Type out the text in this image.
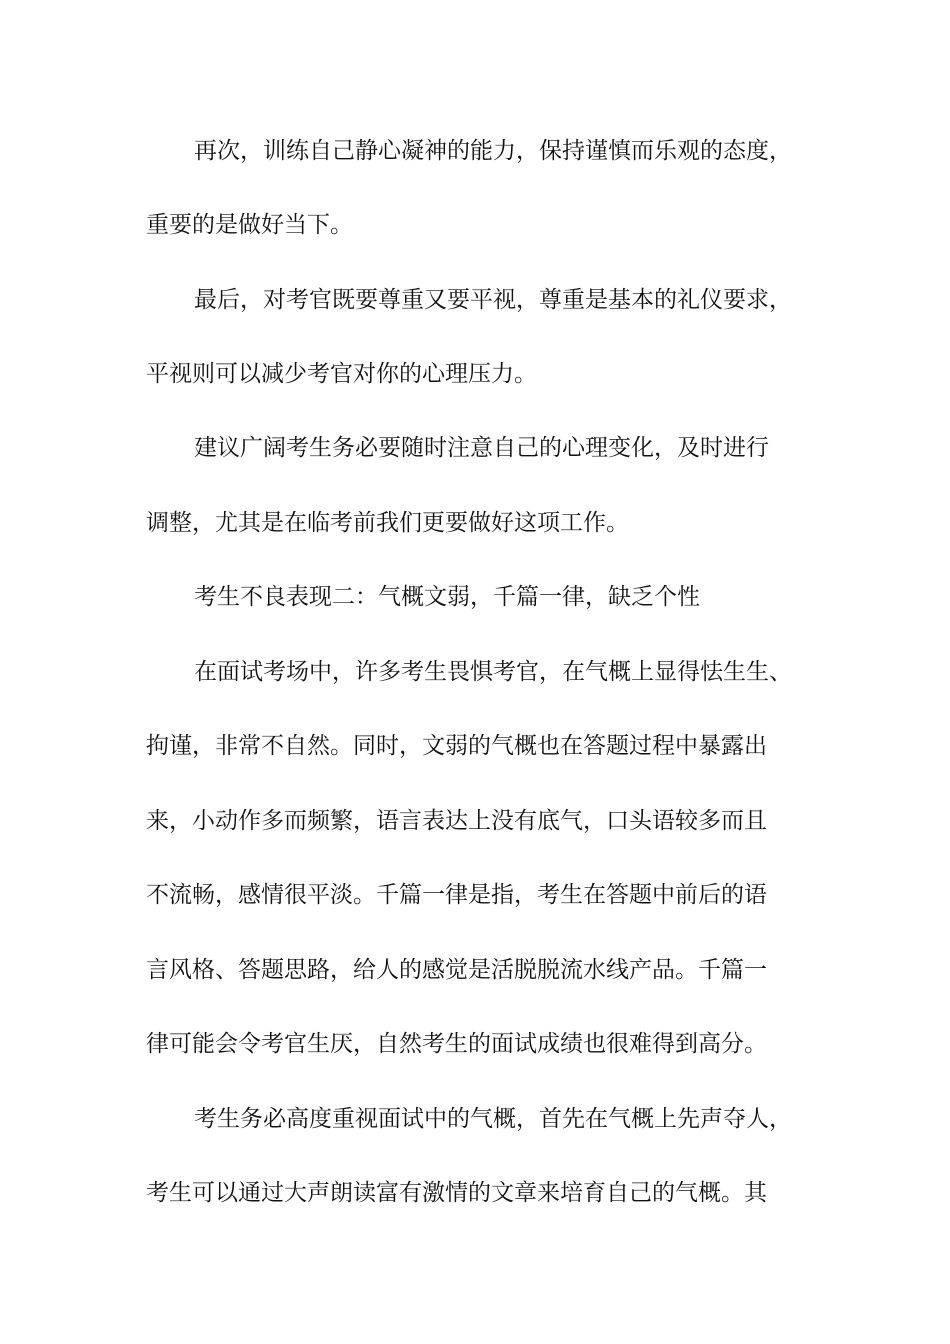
再次，训练自己静心凝神的能力，保持谨慎而乐观的态度，
重要的是做好当下。
最后，对考官既要尊重又要平视，尊重是基本的礼仪要求，
平视则可以减少考官对你的心理压力。
建议广阔考生务必要随时注意自己的心理变化，及时进行
调整，尤其是在临考前我们更要做好这项工作。
考生不良表现二：气概文弱，千篇一律，缺乏个性
在面试考场中，许多考生畏惧考官，在气概上显得怯生生、
拘谨，非常不自然。同时，文弱的气概也在答题过程中暴露出
来，小动作多而频繁，语言表达上没有底气，口头语较多而且
不流畅，感情很平淡。千篇一律是指，考生在答题中前后的语
言风格、答题思路，给人的感觉是活脱脱流水线产品。千篇一
律可能会令考官生厌，自然考生的面试成绩也很难得到高分。
考生务必高度重视面试中的气概，首先在气概上先声夺人，
考生可以通过大声朗读富有激情的文章来培育自己的气概。其
